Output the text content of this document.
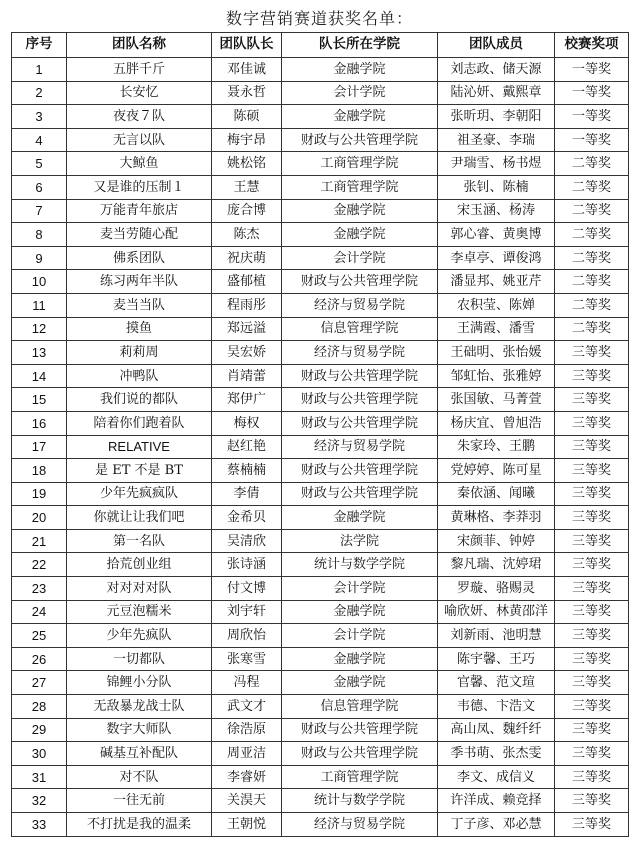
数字营销赛道获奖名单：
序号	团队名称	团队队长	队长所在学院	团队成员	校赛奖项
1	五胖千斤	邓佳诚	金融学院	刘志政、储天源	一等奖
2	长安忆	聂永哲	会计学院	陆沁妍、戴熙章	一等奖
3	夜夜７队	陈硕	金融学院	张昕玥、李朝阳	一等奖
4	无言以队	梅宇昂	财政与公共管理学院	祖圣豪、李瑞	一等奖
5	大鲸鱼	姚松铭	工商管理学院	尹瑞雪、杨书煜	二等奖
6	又是谁的压制１	王慧	工商管理学院	张钊、陈楠	二等奖
7	万能青年旅店	庞合博	金融学院	宋玉涵、杨涛	二等奖
8	麦当劳随心配	陈杰	金融学院	郭心睿、黄奥博	二等奖
9	佛系团队	祝庆萌	会计学院	李卓亭、谭俊鸿	二等奖
10	练习两年半队	盛郁植	财政与公共管理学院	潘显邦、姚亚芹	二等奖
11	麦当当队	程雨彤	经济与贸易学院	农积莹、陈婵	二等奖
12	摸鱼	郑远溢	信息管理学院	王满霞、潘雪	二等奖
13	莉莉周	吴宏娇	经济与贸易学院	王础明、张怡媛	三等奖
14	冲鸭队	肖靖蕾	财政与公共管理学院	邹虹怡、张雅婷	三等奖
15	我们说的都队	郑伊广	财政与公共管理学院	张国敏、马菁萱	三等奖
16	陪着你们跑着队	梅权	财政与公共管理学院	杨庆宜、曾旭浩	三等奖
17	RELATIVE	赵红艳	经济与贸易学院	朱家玲、王鹏	三等奖
18	是 ET 不是 BT	蔡楠楠	财政与公共管理学院	党婷婷、陈可星	三等奖
19	少年先疯疯队	李倩	财政与公共管理学院	秦依涵、闻曦	三等奖
20	你就让让我们吧	金希贝	金融学院	黄琳格、李莽羽	三等奖
21	第一名队	吴清欣	法学院	宋颜菲、钟婷	三等奖
22	拾荒创业组	张诗涵	统计与数学学院	黎凡瑞、沈婷珺	三等奖
23	对对对对队	付文博	会计学院	罗璇、骆赐灵	三等奖
24	元豆泡糯米	刘宇轩	金融学院	喻欣妍、林黄邵洋	三等奖
25	少年先疯队	周欣怡	会计学院	刘新雨、池明慧	三等奖
26	一切都队	张寒雪	金融学院	陈宇馨、王巧	三等奖
27	锦鲤小分队	冯程	金融学院	官馨、范文瑄	三等奖
28	无敌暴龙战士队	武文才	信息管理学院	韦德、卞浩文	三等奖
29	数字大师队	徐浩原	财政与公共管理学院	高山凤、魏纤纤	三等奖
30	碱基互补配队	周亚洁	财政与公共管理学院	季书萌、张杰雯	三等奖
31	对不队	李睿妍	工商管理学院	李文、成信义	三等奖
32	一往无前	关淏天	统计与数学学院	许洋成、赖竞择	三等奖
33	不打扰是我的温柔	王朝悦	经济与贸易学院	丁子彦、邓必慧	三等奖
